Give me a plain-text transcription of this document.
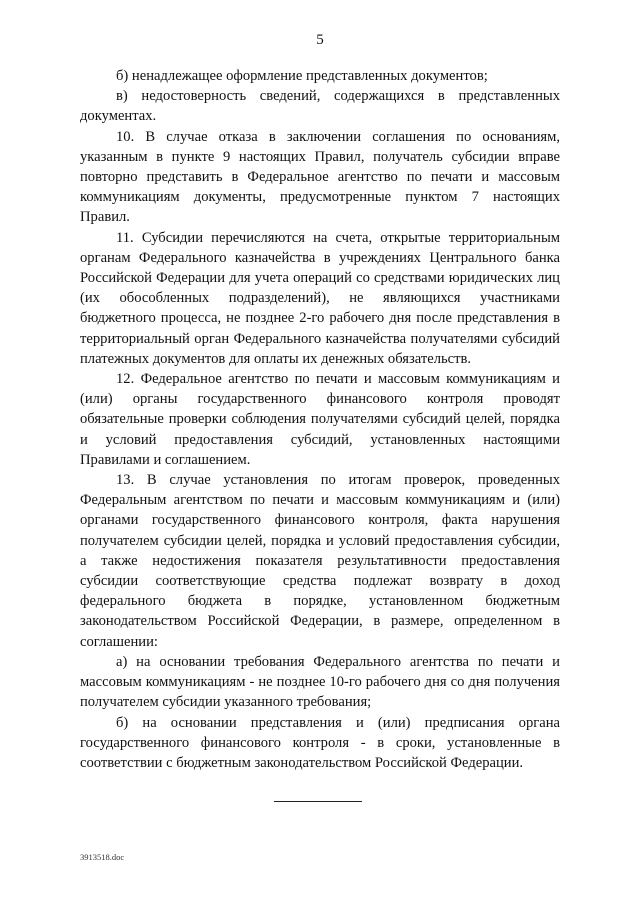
5

б) ненадлежащее оформление представленных документов;

в) недостоверность сведений, содержащихся в представленных документах.

10. В случае отказа в заключении соглашения по основаниям, указанным в пункте 9 настоящих Правил, получатель субсидии вправе повторно представить в Федеральное агентство по печати и массовым коммуникациям документы, предусмотренные пунктом 7 настоящих Правил.

11. Субсидии перечисляются на счета, открытые территориальным органам Федерального казначейства в учреждениях Центрального банка Российской Федерации для учета операций со средствами юридических лиц (их обособленных подразделений), не являющихся участниками бюджетного процесса, не позднее 2-го рабочего дня после представления в территориальный орган Федерального казначейства получателями субсидий платежных документов для оплаты их денежных обязательств.

12. Федеральное агентство по печати и массовым коммуникациям и (или) органы государственного финансового контроля проводят обязательные проверки соблюдения получателями субсидий целей, порядка и условий предоставления субсидий, установленных настоящими Правилами и соглашением.

13. В случае установления по итогам проверок, проведенных Федеральным агентством по печати и массовым коммуникациям и (или) органами государственного финансового контроля, факта нарушения получателем субсидии целей, порядка и условий предоставления субсидии, а также недостижения показателя результативности предоставления субсидии соответствующие средства подлежат возврату в доход федерального бюджета в порядке, установленном бюджетным законодательством Российской Федерации, в размере, определенном в соглашении:

а) на основании требования Федерального агентства по печати и массовым коммуникациям - не позднее 10-го рабочего дня со дня получения получателем субсидии указанного требования;

б) на основании представления и (или) предписания органа государственного финансового контроля - в сроки, установленные в соответствии с бюджетным законодательством Российской Федерации.

3913518.doc
